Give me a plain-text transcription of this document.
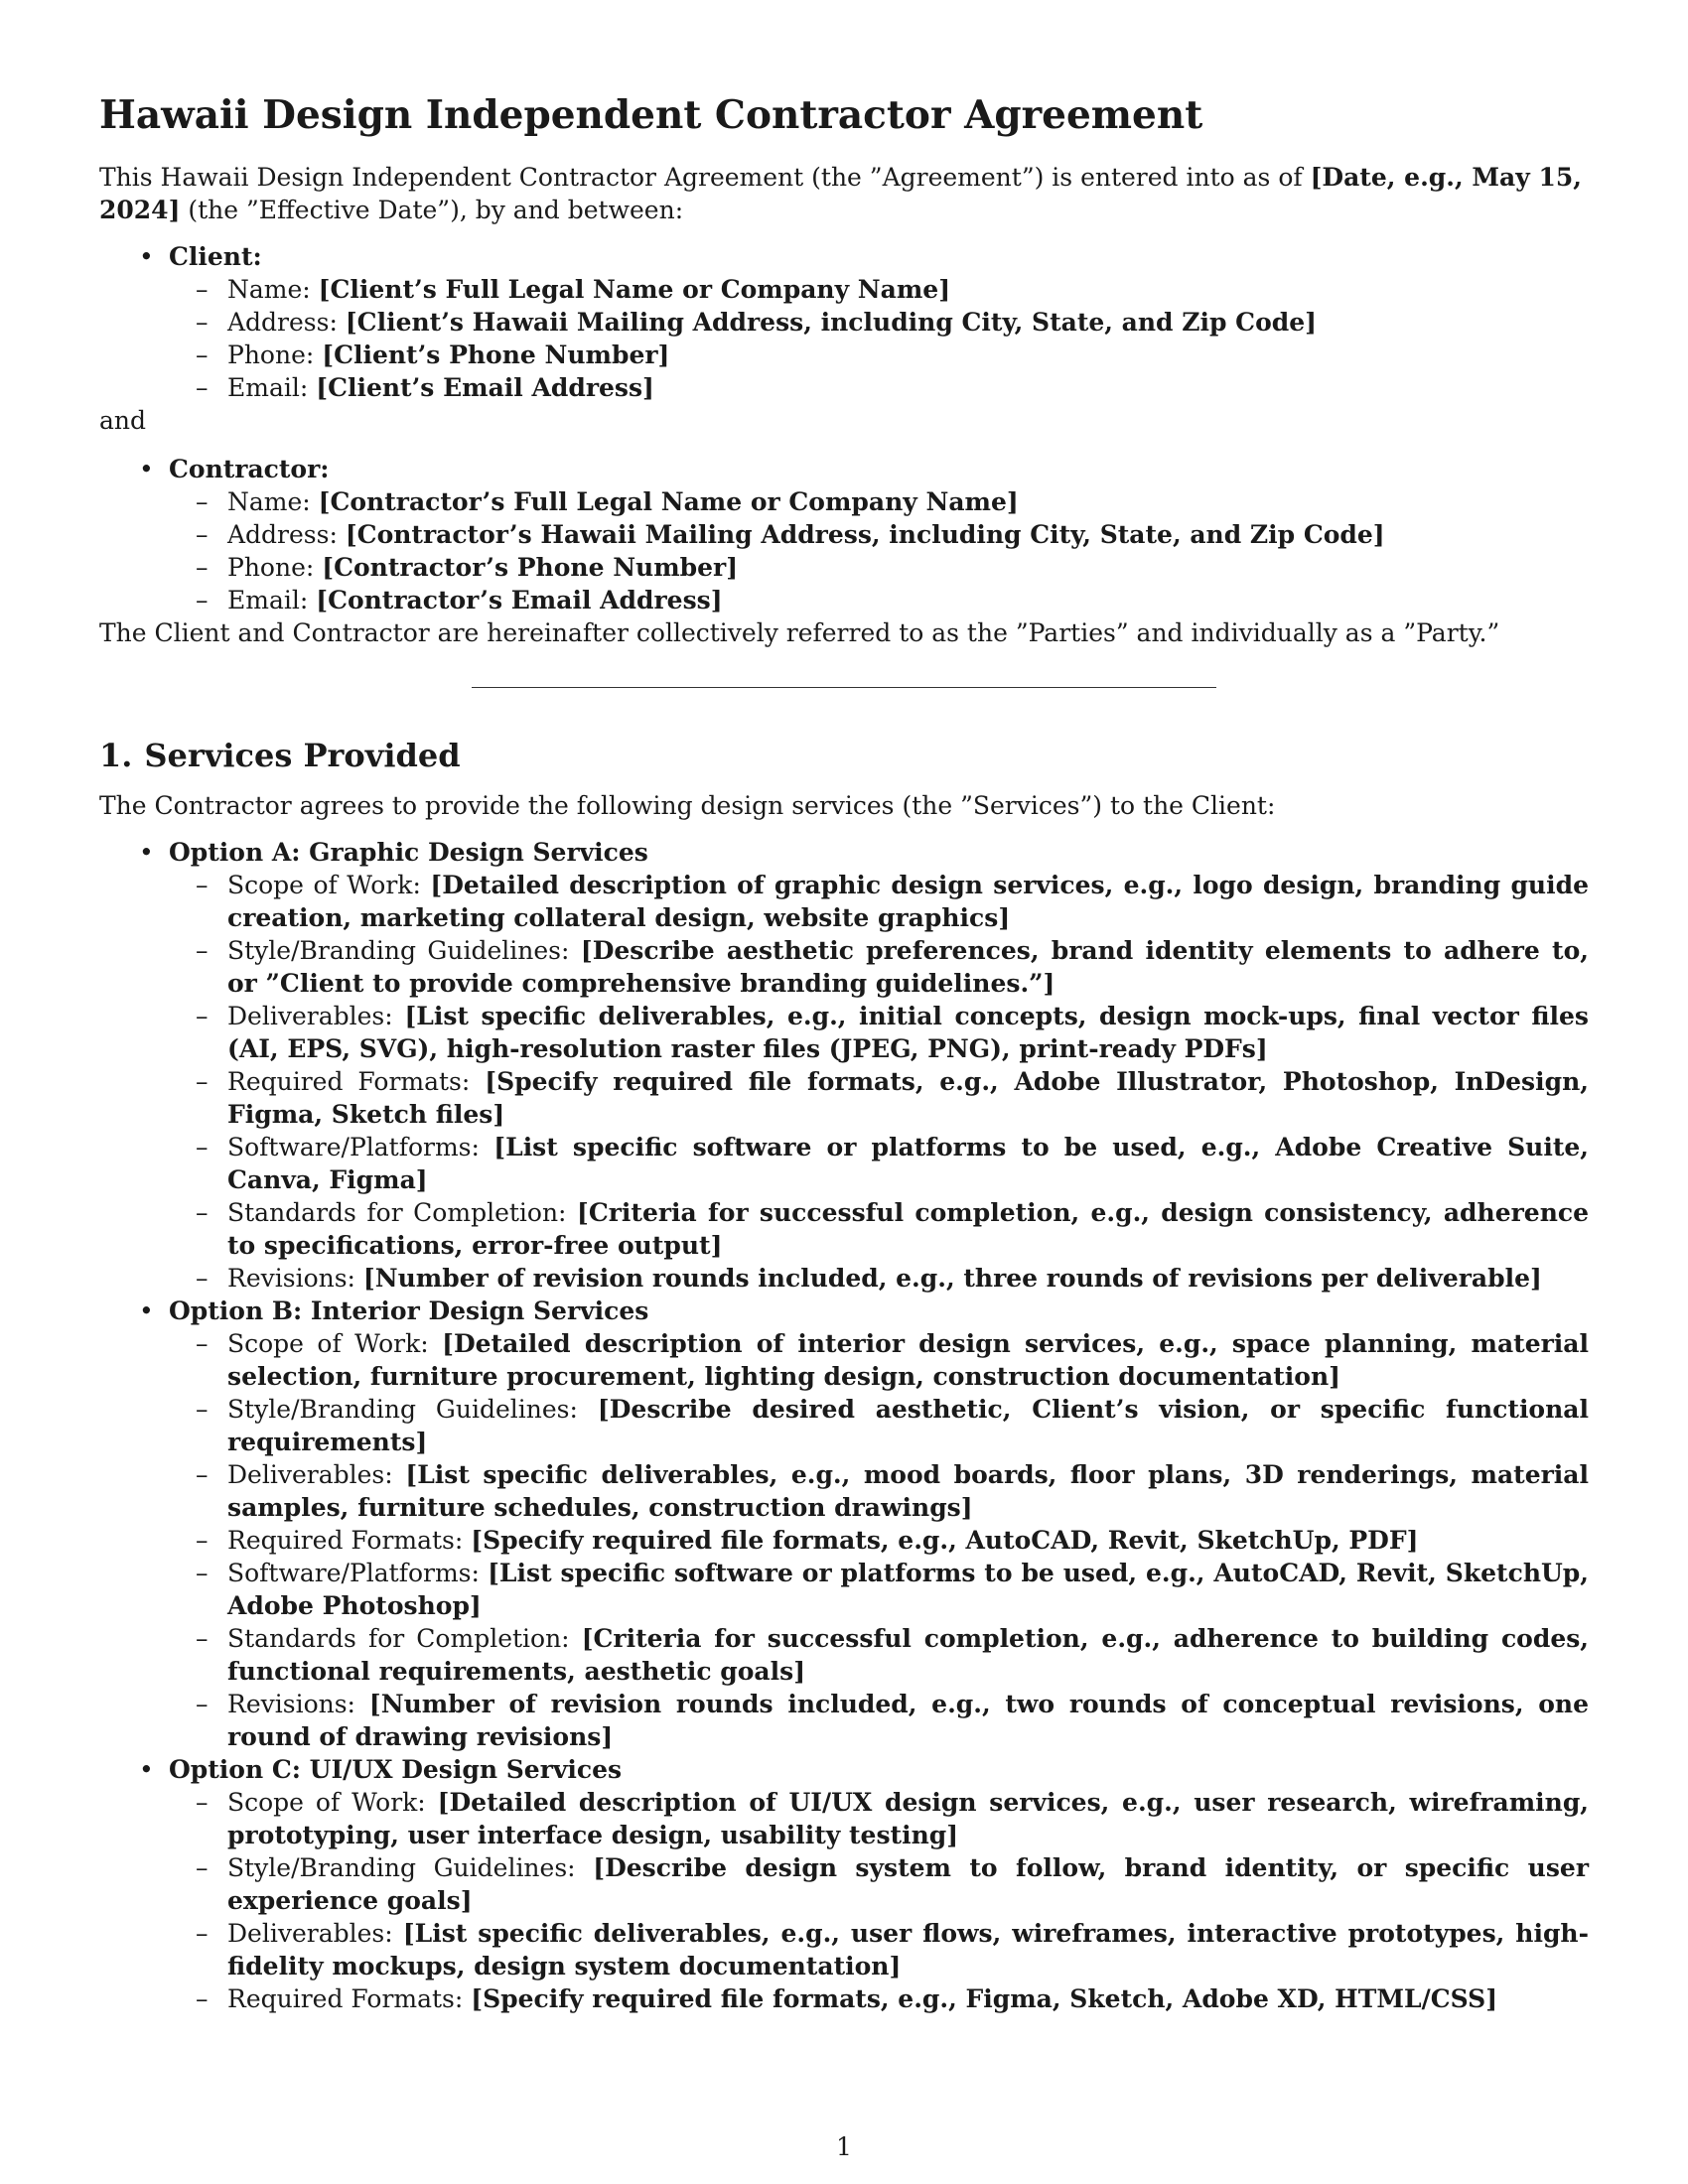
Hawaii Design Independent Contractor Agreement

This Hawaii Design Independent Contractor Agreement (the ”Agreement”) is entered into as of [Date, e.g., May 15, 2024] (the ”Effective Date”), by and between:

• Client:
– Name: [Client’s Full Legal Name or Company Name]
– Address: [Client’s Hawaii Mailing Address, including City, State, and Zip Code]
– Phone: [Client’s Phone Number]
– Email: [Client’s Email Address]

and

• Contractor:
– Name: [Contractor’s Full Legal Name or Company Name]
– Address: [Contractor’s Hawaii Mailing Address, including City, State, and Zip Code]
– Phone: [Contractor’s Phone Number]
– Email: [Contractor’s Email Address]

The Client and Contractor are hereinafter collectively referred to as the ”Parties” and individually as a ”Party.”

1. Services Provided

The Contractor agrees to provide the following design services (the ”Services”) to the Client:

• Option A: Graphic Design Services
– Scope of Work: [Detailed description of graphic design services, e.g., logo design, branding guide creation, marketing collateral design, website graphics]
– Style/Branding Guidelines: [Describe aesthetic preferences, brand identity elements to adhere to, or ”Client to provide comprehensive branding guidelines.”]
– Deliverables: [List specific deliverables, e.g., initial concepts, design mock-ups, final vector files (AI, EPS, SVG), high-resolution raster files (JPEG, PNG), print-ready PDFs]
– Required Formats: [Specify required file formats, e.g., Adobe Illustrator, Photoshop, InDesign, Figma, Sketch files]
– Software/Platforms: [List specific software or platforms to be used, e.g., Adobe Creative Suite, Canva, Figma]
– Standards for Completion: [Criteria for successful completion, e.g., design consistency, adherence to specifications, error-free output]
– Revisions: [Number of revision rounds included, e.g., three rounds of revisions per deliverable]
• Option B: Interior Design Services
– Scope of Work: [Detailed description of interior design services, e.g., space planning, material selection, furniture procurement, lighting design, construction documentation]
– Style/Branding Guidelines: [Describe desired aesthetic, Client’s vision, or specific functional requirements]
– Deliverables: [List specific deliverables, e.g., mood boards, floor plans, 3D renderings, material samples, furniture schedules, construction drawings]
– Required Formats: [Specify required file formats, e.g., AutoCAD, Revit, SketchUp, PDF]
– Software/Platforms: [List specific software or platforms to be used, e.g., AutoCAD, Revit, SketchUp, Adobe Photoshop]
– Standards for Completion: [Criteria for successful completion, e.g., adherence to building codes, functional requirements, aesthetic goals]
– Revisions: [Number of revision rounds included, e.g., two rounds of conceptual revisions, one round of drawing revisions]
• Option C: UI/UX Design Services
– Scope of Work: [Detailed description of UI/UX design services, e.g., user research, wireframing, prototyping, user interface design, usability testing]
– Style/Branding Guidelines: [Describe design system to follow, brand identity, or specific user experience goals]
– Deliverables: [List specific deliverables, e.g., user flows, wireframes, interactive prototypes, high-fidelity mockups, design system documentation]
– Required Formats: [Specify required file formats, e.g., Figma, Sketch, Adobe XD, HTML/CSS]
1
